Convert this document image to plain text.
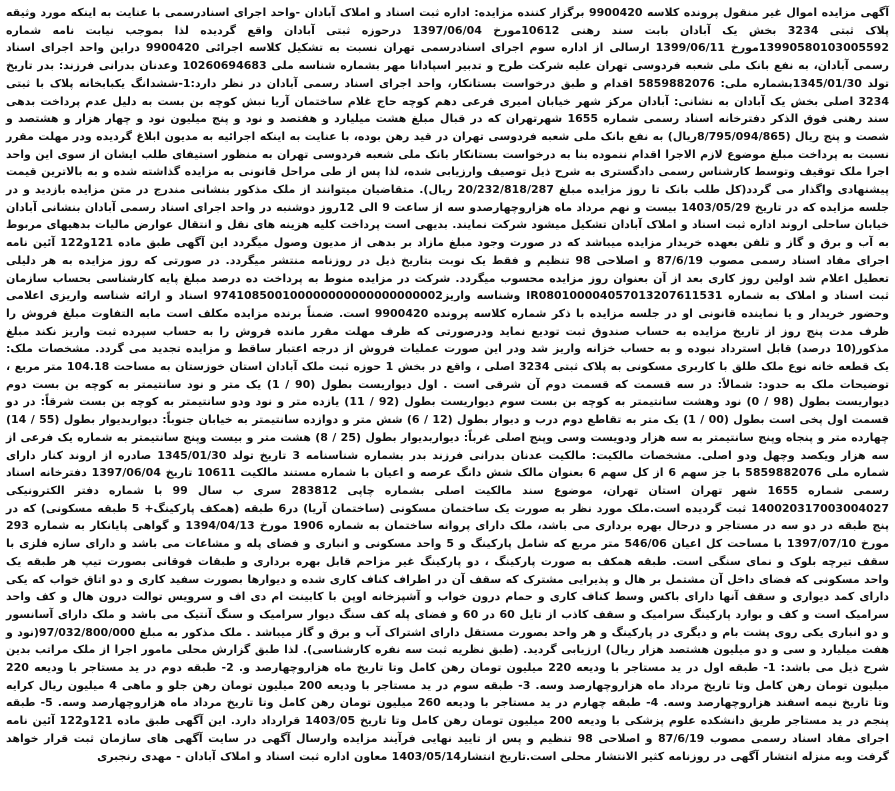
آگهی مزایده اموال غیر منقول پرونده کلاسه 9900420 برگزار کننده مزایده: اداره ثبت اسناد و املاک آبادان -واحد اجرای اسنادرسمی با عنایت به اینکه مورد وثیقه پلاک ثبتی 3234 بخش یک آبادان بابت سند رهنی 10612مورخ 1397/06/04 درحوزه ثبتی آبادان واقع گردیده لذا بموجب نیابت نامه شماره 13990580103005592مورخ 1399/06/11 ارسالی از اداره سوم اجرای اسنادرسمی تهران نسبت به تشکیل کلاسه اجرائی 9900420 دراین واحد اجرای اسناد رسمی آبادان، به نفع بانک ملی شعبه فردوسی تهران علیه شرکت طرح و تدبیر اسپادانا مهر بشماره شناسه ملی 10260694683 وعدنان بدرانی فرزند: بدر تاریخ تولد 1345/01/30بشماره ملی: 5859882076 اقدام و طبق درخواست بستانکار، واحد اجرای اسناد رسمی آبادان در نظر دارد:1-ششدانگ یکبابخانه پلاک با ثبتی 3234 اصلی بخش یک آبادان به نشانی: آبادان مرکز شهر خیابان امیری فرعی دهم کوچه حاج غلام ساختمان آریا نبش کوچه بن بست به دلیل عدم پرداخت بدهی سند رهنی فوق الذکر دفترخانه اسناد رسمی شماره 1655 شهرتهران که در قبال مبلغ هشت میلیارد و هفتصد و نود و پنج میلیون نود و چهار هزار و هشتصد و شصت و پنج ریال (8/795/094/865ریال) به نفع بانک ملی شعبه فردوسی تهران در قید رهن بوده، با عنایت به اینکه اجرائیه به مدیون ابلاغ گردیده ودر مهلت مقرر نسبت به پرداخت مبلغ موضوع لازم الاجرا اقدام ننموده بنا به درخواست بستانکار بانک ملی شعبه فردوسی تهران به منظور استیفای طلب ایشان از سوی این واحد اجرا ملک توقیف وتوسط کارشناس رسمی دادگستری به شرح ذیل توصیف وارزیابی شده، لذا پس از طی مراحل قانونی به مزایده گذاشته شده و به بالاترین قیمت پیشنهادی واگذار می گردد(کل طلب بانک تا روز مزایده مبلغ 20/232/818/287 ریال). متقاضیان میتوانند از ملک مذکور بنشانی مندرج در متن مزایده بازدید و در جلسه مزایده که در تاریخ 1403/05/29 بیست و نهم مرداد ماه هزاروچهارصدو سه از ساعت 9 الی 12روز دوشنبه در واحد اجرای اسناد رسمی آبادان بنشانی آبادان خیابان ساحلی اروند اداره ثبت اسناد و املاک آبادان تشکیل میشود شرکت نمایند. بدیهی است پرداخت کلیه هزینه های نقل و انتقال عوارض مالیات بدهیهای مربوط به آب و برق و گاز و تلفن بعهده خریدار مزایده میباشد که در صورت وجود مبلغ مازاد بر بدهی از مدیون وصول میگردد این آگهی طبق ماده 121و122 آئین نامه اجرای مفاد اسناد رسمی مصوب 87/6/19 و اصلاحی 98 تنظیم و فقط یک نوبت بتاریخ ذیل در روزنامه منتشر میگردد. در صورتی که روز مزایده به هر دلیلی تعطیل اعلام شد اولین روز کاری بعد از آن بعنوان روز مزایده محسوب میگردد. شرکت در مزایده منوط به پرداخت ده درصد مبلغ پایه کارشناسی بحساب سازمان ثبت اسناد و املاک به شماره IR080100004057013207611531 وشناسه واریز974108500100000000000000000002 اسناد و ارائه شناسه واریزی اعلامی وحضور خریدار و یا نماینده قانونی او در جلسه مزایده با ذکر شماره کلاسه پرونده 9900420 است. ضمناً برنده مزایده مکلف است مابه التفاوت مبلغ فروش را ظرف مدت پنج روز از تاریخ مزایده به حساب صندوق ثبت تودیع نماید ودرصورتی که ظرف مهلت مقرر مانده فروش را به حساب سپرده ثبت واریز نکند مبلغ مذکور(10 درصد) قابل استرداد نبوده و به حساب خزانه واریز شد ودر این صورت عملیات فروش از درجه اعتبار ساقط و مزایده تجدید می گردد. مشخصات ملک: یک قطعه خانه نوع ملک طلق با کاربری مسکونی به پلاک ثبتی 3234 اصلی ، واقع در بخش 1 حوزه ثبت ملک آبادان استان خوزستان به مساحت 104.18 متر مربع ، توضیحات ملک به حدود: شمالاً: در سه قسمت که قسمت دوم آن شرقی است . اول دیواریست بطول (90 / 1) یک متر و نود سانتیمتر به کوچه بن بست دوم دیواریست بطول (98 / 0) نود وهشت سانتیمتر به کوچه بن بست سوم دیواریست بطول (92 / 11) یازده متر و نود ودو سانتیمتر به کوچه بن بست شرقاً: در دو قسمت اول پخی است بطول (00 / 1) یک متر به تقاطع دوم درب و دیوار بطول (12 / 6) شش متر و دوازده سانتیمتر به خیابان جنوباً: دیواربدیوار بطول (55 / 14) چهارده متر و پنجاه وپنج سانتیمتر به سه هزار ودویست وسی وپنج اصلی غرباً: دیواربدیوار بطول (25 / 8) هشت متر و بیست وپنج سانتیمتر به شماره یک فرعی از سه هزار ویکصد وچهل ودو اصلی. مشخصات مالکیت: مالکیت عدنان بدرانی فرزند بدر بشماره شناسنامه 3 تاریخ تولد 1345/01/30 صادره از اروند کنار دارای شماره ملی 5859882076 با جز سهم 6 از کل سهم 6 بعنوان مالک شش دانگ عرصه و اعیان با شماره مستند مالکیت 10611 تاریخ 1397/06/04 دفترخانه اسناد رسمی شماره 1655 شهر تهران استان تهران، موضوع سند مالکیت اصلی بشماره چاپی 283812 سری ب سال 99 با شماره دفتر الکترونیکی 140020317003004027 ثبت گردیده است.ملک مورد نظر به صورت یک ساختمان مسکونی (ساختمان آریا) در6 طبقه (همکف پارکینگ+ 5 طبقه مسکونی) که در پنج طبقه در دو سه در مستاجر و درحال بهره برداری می باشد، ملک دارای پروانه ساختمان به شماره 1906 مورخ 1394/04/13 و گواهی پایانکار به شماره 293 مورخ 1397/07/10 با مساحت کل اعیان 546/06 متر مربع که شامل پارکینگ و 5 واحد مسکونی و انباری و فضای پله و مشاعات می باشد و دارای سازه فلزی با سقف تیرچه بلوک و نمای سنگی است. طبقه همکف به صورت پارکینگ ، دو پارکینگ غیر مزاحم قابل بهره برداری و طبقات فوقانی بصورت تیپ هر طبقه یک واحد مسکونی که فضای داخل آن مشتمل بر هال و پذیرایی مشترک که سقف آن در اطراف کناف کاری شده و دیوارها بصورت سفید کاری و دو اتاق خواب که یکی دارای کمد دیواری و سقف آنها دارای باکس وسط کناف کاری و حمام درون خواب و آشپزخانه اوپن با کابینت ام دی اف و سرویس توالت درون هال و کف واحد سرامیک است و کف و بوارد پارکینگ سرامیک و سقف کاذب از تایل 60 در 60 و فضای پله کف سنگ دیوار سرامیک و سنگ آنتیک می باشد و ملک دارای آسانسور و دو انباری یکی روی پشت بام و دیگری در پارکینگ و هر واحد بصورت مستقل دارای اشتراک آب و برق و گاز میباشد . ملک مذکور به مبلغ 97/032/800/000(نود و هفت میلیارد و سی و دو میلیون هشتصد هزار ریال) ارزیابی گردید. (طبق نظریه ثبت سه نفره کارشناسی). لذا طبق گزارش محلی مامور اجرا از ملک مراتب بدین شرح ذیل می باشد: 1- طبقه اول در ید مستاجر با ودیعه 220 میلیون تومان رهن کامل وتا تاریخ ماه هزاروچهارصد و. 2- طبقه دوم در ید مستاجر با ودیعه 220 میلیون تومان رهن کامل وتا تاریخ مرداد ماه هزاروچهارصد وسه. 3- طبقه سوم در ید مستاجر با ودیعه 200 میلیون تومان رهن جلو و ماهی 4 میلیون ریال کرایه وتا تاریخ نیمه اسفند هزاروچهارصد وسه. 4- طبقه چهارم در ید مستاجر با ودیعه 260 میلیون تومان رهن کامل وتا تاریخ مرداد ماه هزاروچهارصد وسه. 5- طبقه پنجم در ید مستاجر طریق دانشکده علوم پزشکی با ودیعه 200 میلیون تومان رهن کامل وتا تاریخ 1403/05 قرارداد دارد. این آگهی طبق ماده 121و122 آئین نامه اجرای مفاد اسناد رسمی مصوب 87/6/19 و اصلاحی 98 تنظیم و پس از تایید نهایی فرآیند مزایده وارسال آگهی در سایت آگهی های سازمان ثبت قرار خواهد گرفت وبه منزله انتشار آگهی در روزنامه کثیر الانتشار محلی است.تاریخ انتشار1403/05/14 معاون اداره ثبت اسناد و املاک آبادان - مهدی رنجبری
